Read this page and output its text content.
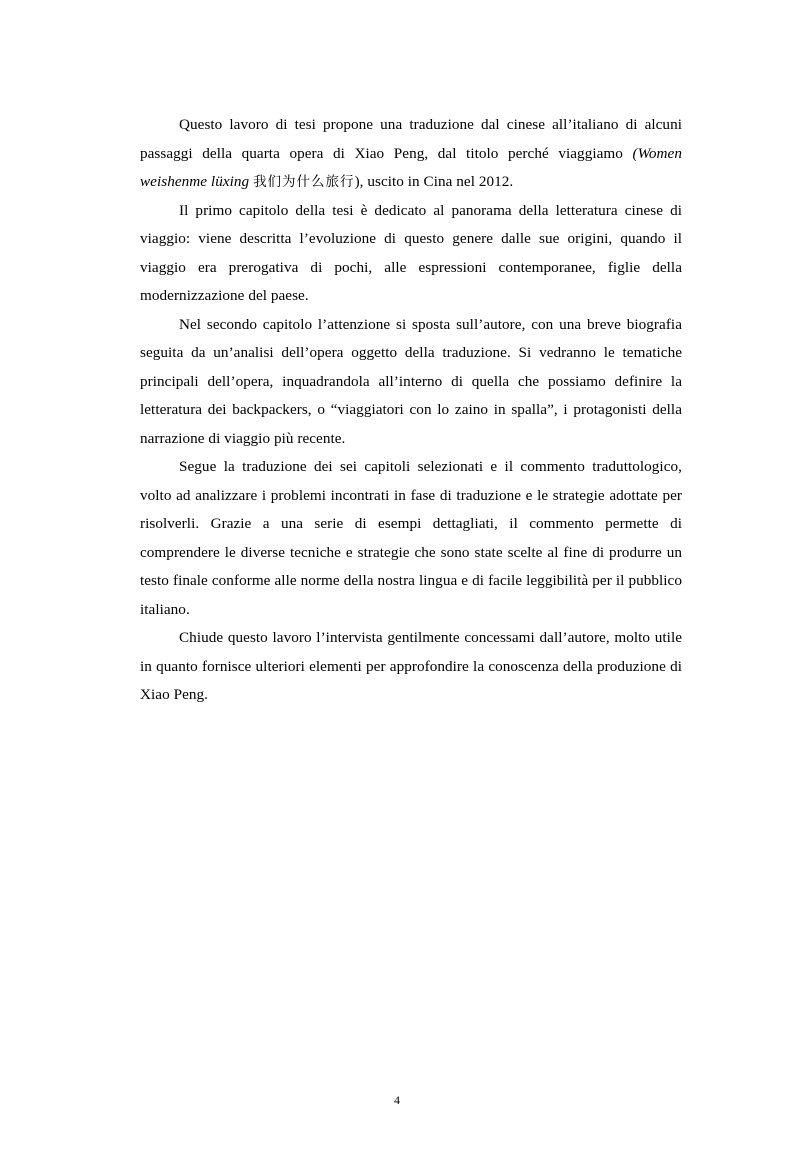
Questo lavoro di tesi propone una traduzione dal cinese all’italiano di alcuni passaggi della quarta opera di Xiao Peng, dal titolo perché viaggiamo (Women weishenme lüxing 我们为什么旅行), uscito in Cina nel 2012.

Il primo capitolo della tesi è dedicato al panorama della letteratura cinese di viaggio: viene descritta l’evoluzione di questo genere dalle sue origini, quando il viaggio era prerogativa di pochi, alle espressioni contemporanee, figlie della modernizzazione del paese.

Nel secondo capitolo l’attenzione si sposta sull’autore, con una breve biografia seguita da un’analisi dell’opera oggetto della traduzione. Si vedranno le tematiche principali dell’opera, inquadrandola all’interno di quella che possiamo definire la letteratura dei backpackers, o “viaggiatori con lo zaino in spalla”, i protagonisti della narrazione di viaggio più recente.

Segue la traduzione dei sei capitoli selezionati e il commento traduttologico, volto ad analizzare i problemi incontrati in fase di traduzione e le strategie adottate per risolverli. Grazie a una serie di esempi dettagliati, il commento permette di comprendere le diverse tecniche e strategie che sono state scelte al fine di produrre un testo finale conforme alle norme della nostra lingua e di facile leggibilità per il pubblico italiano.

Chiude questo lavoro l’intervista gentilmente concessami dall’autore, molto utile in quanto fornisce ulteriori elementi per approfondire la conoscenza della produzione di Xiao Peng.

4
